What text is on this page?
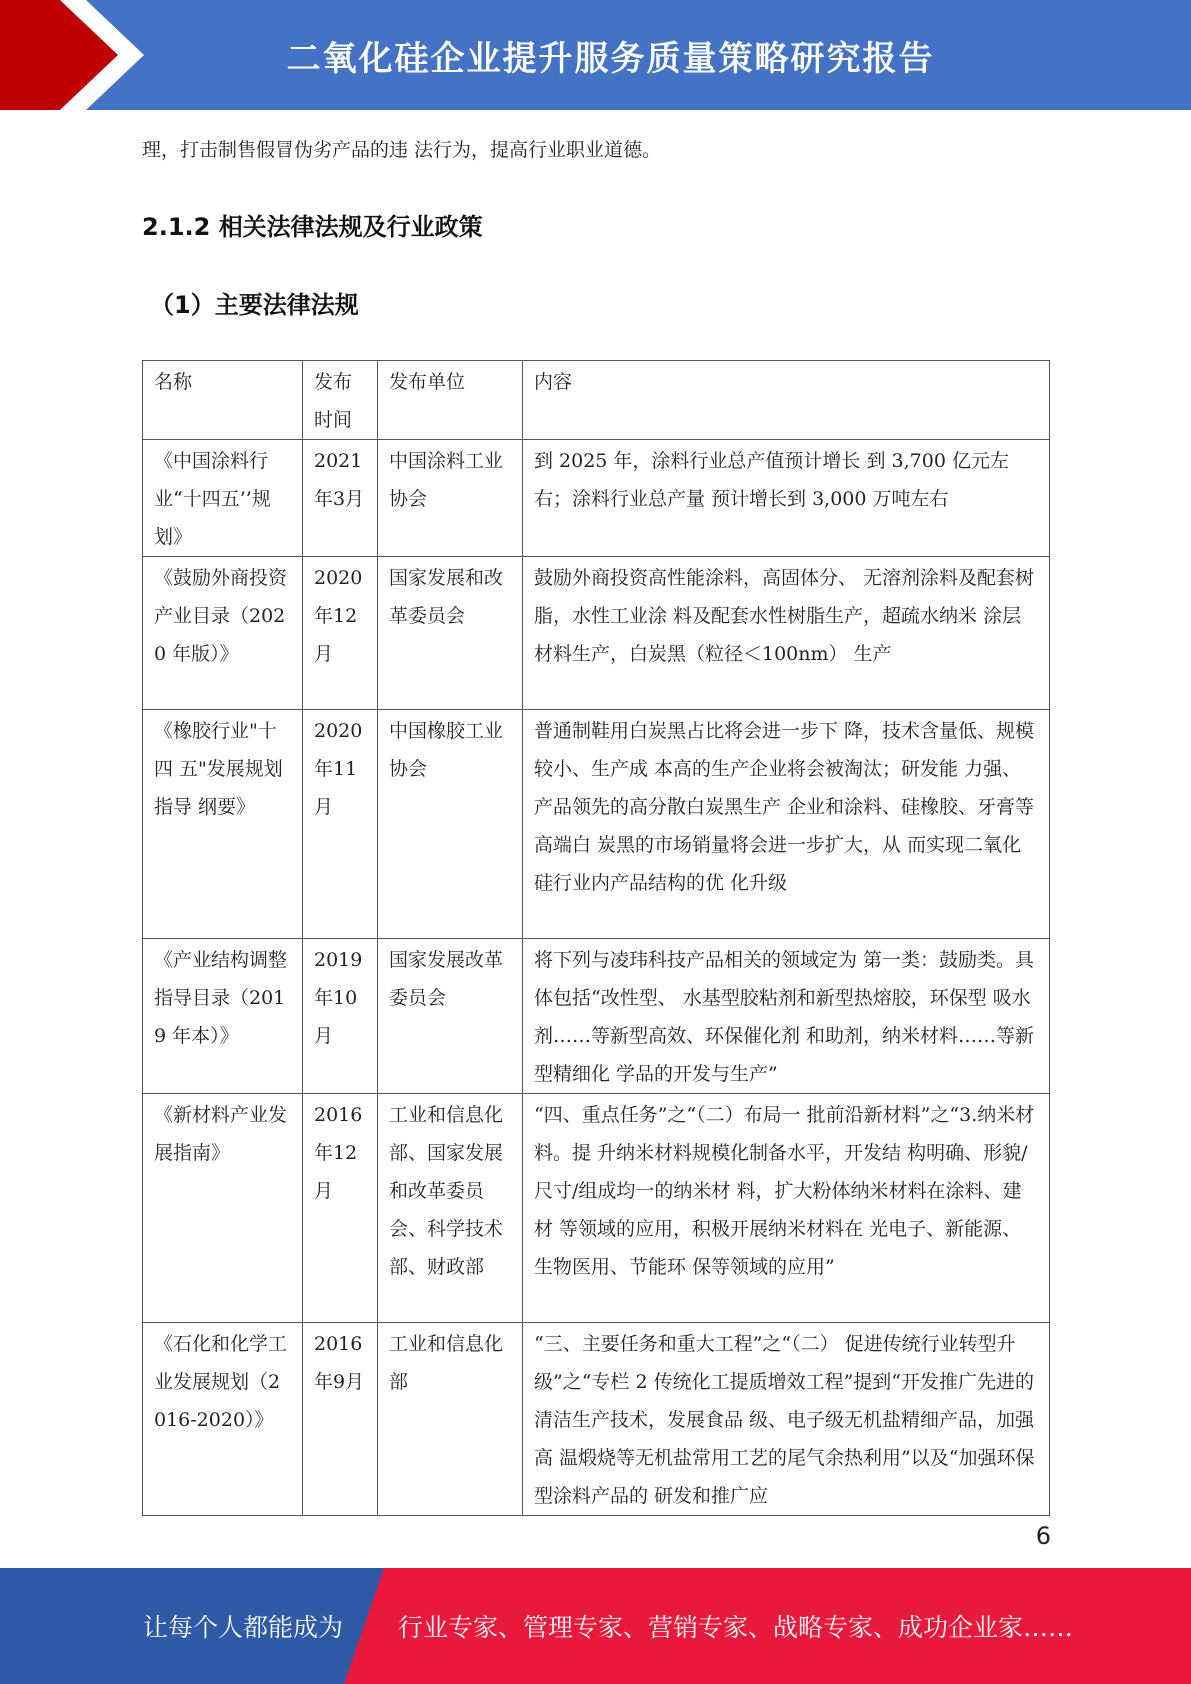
二氧化硅企业提升服务质量策略研究报告
理，打击制售假冒伪劣产品的违 法行为，提高行业职业道德。
2.1.2 相关法律法规及行业政策
（1）主要法律法规
名称	发布时间	发布单位	内容
《中国涂料行业“十四五’’规划》	2021年3月	中国涂料工业 协会	到 2025 年，涂料行业总产值预计增长 到 3,700 亿元左右；涂料行业总产量 预计增长到 3,000 万吨左右
《鼓励外商投资 产业目录（2020 年版）》	2020年12月	国家发展和改 革委员会	鼓励外商投资高性能涂料，高固体分、 无溶剂涂料及配套树脂，水性工业涂 料及配套水性树脂生产，超疏水纳米 涂层材料生产，白炭黑（粒径＜100nm） 生产
《橡胶行业"十四 五"发展规划指导 纲要》	2020年11月	中国橡胶工业 协会	普通制鞋用白炭黑占比将会进一步下 降，技术含量低、规模较小、生产成 本高的生产企业将会被淘汰；研发能 力强、产品领先的高分散白炭黑生产 企业和涂料、硅橡胶、牙膏等高端白 炭黑的市场销量将会进一步扩大，从 而实现二氧化硅行业内产品结构的优 化升级
《产业结构调整 指导目录（2019 年本）》	2019年10月	国家发展改革 委员会	将下列与凌玮科技产品相关的领域定为 第一类：鼓励类。具体包括“改性型、 水基型胶粘剂和新型热熔胶，环保型 吸水剂……等新型高效、环保催化剂 和助剂，纳米材料……等新型精细化 学品的开发与生产”
《新材料产业发 展指南》	2016年12月	工业和信息化 部、国家发展 和改革委员 会、科学技术 部、财政部	“四、重点任务”之“（二）布局一 批前沿新材料”之“3.纳米材料。提 升纳米材料规模化制备水平，开发结 构明确、形貌/尺寸/组成均一的纳米材 料，扩大粉体纳米材料在涂料、建材 等领域的应用，积极开展纳米材料在 光电子、新能源、生物医用、节能环 保等领域的应用”
《石化和化学工 业发展规划（2016-2020）》	2016年9月	工业和信息化 部	“三、主要任务和重大工程”之“（二） 促进传统行业转型升级”之“专栏 2 传统化工提质增效工程”提到“开发推广先进的清洁生产技术，发展食品 级、电子级无机盐精细产品，加强高 温煅烧等无机盐常用工艺的尾气余热利用”以及“加强环保型涂料产品的 研发和推广应
6
让每个人都能成为 行业专家、管理专家、营销专家、战略专家、成功企业家……
